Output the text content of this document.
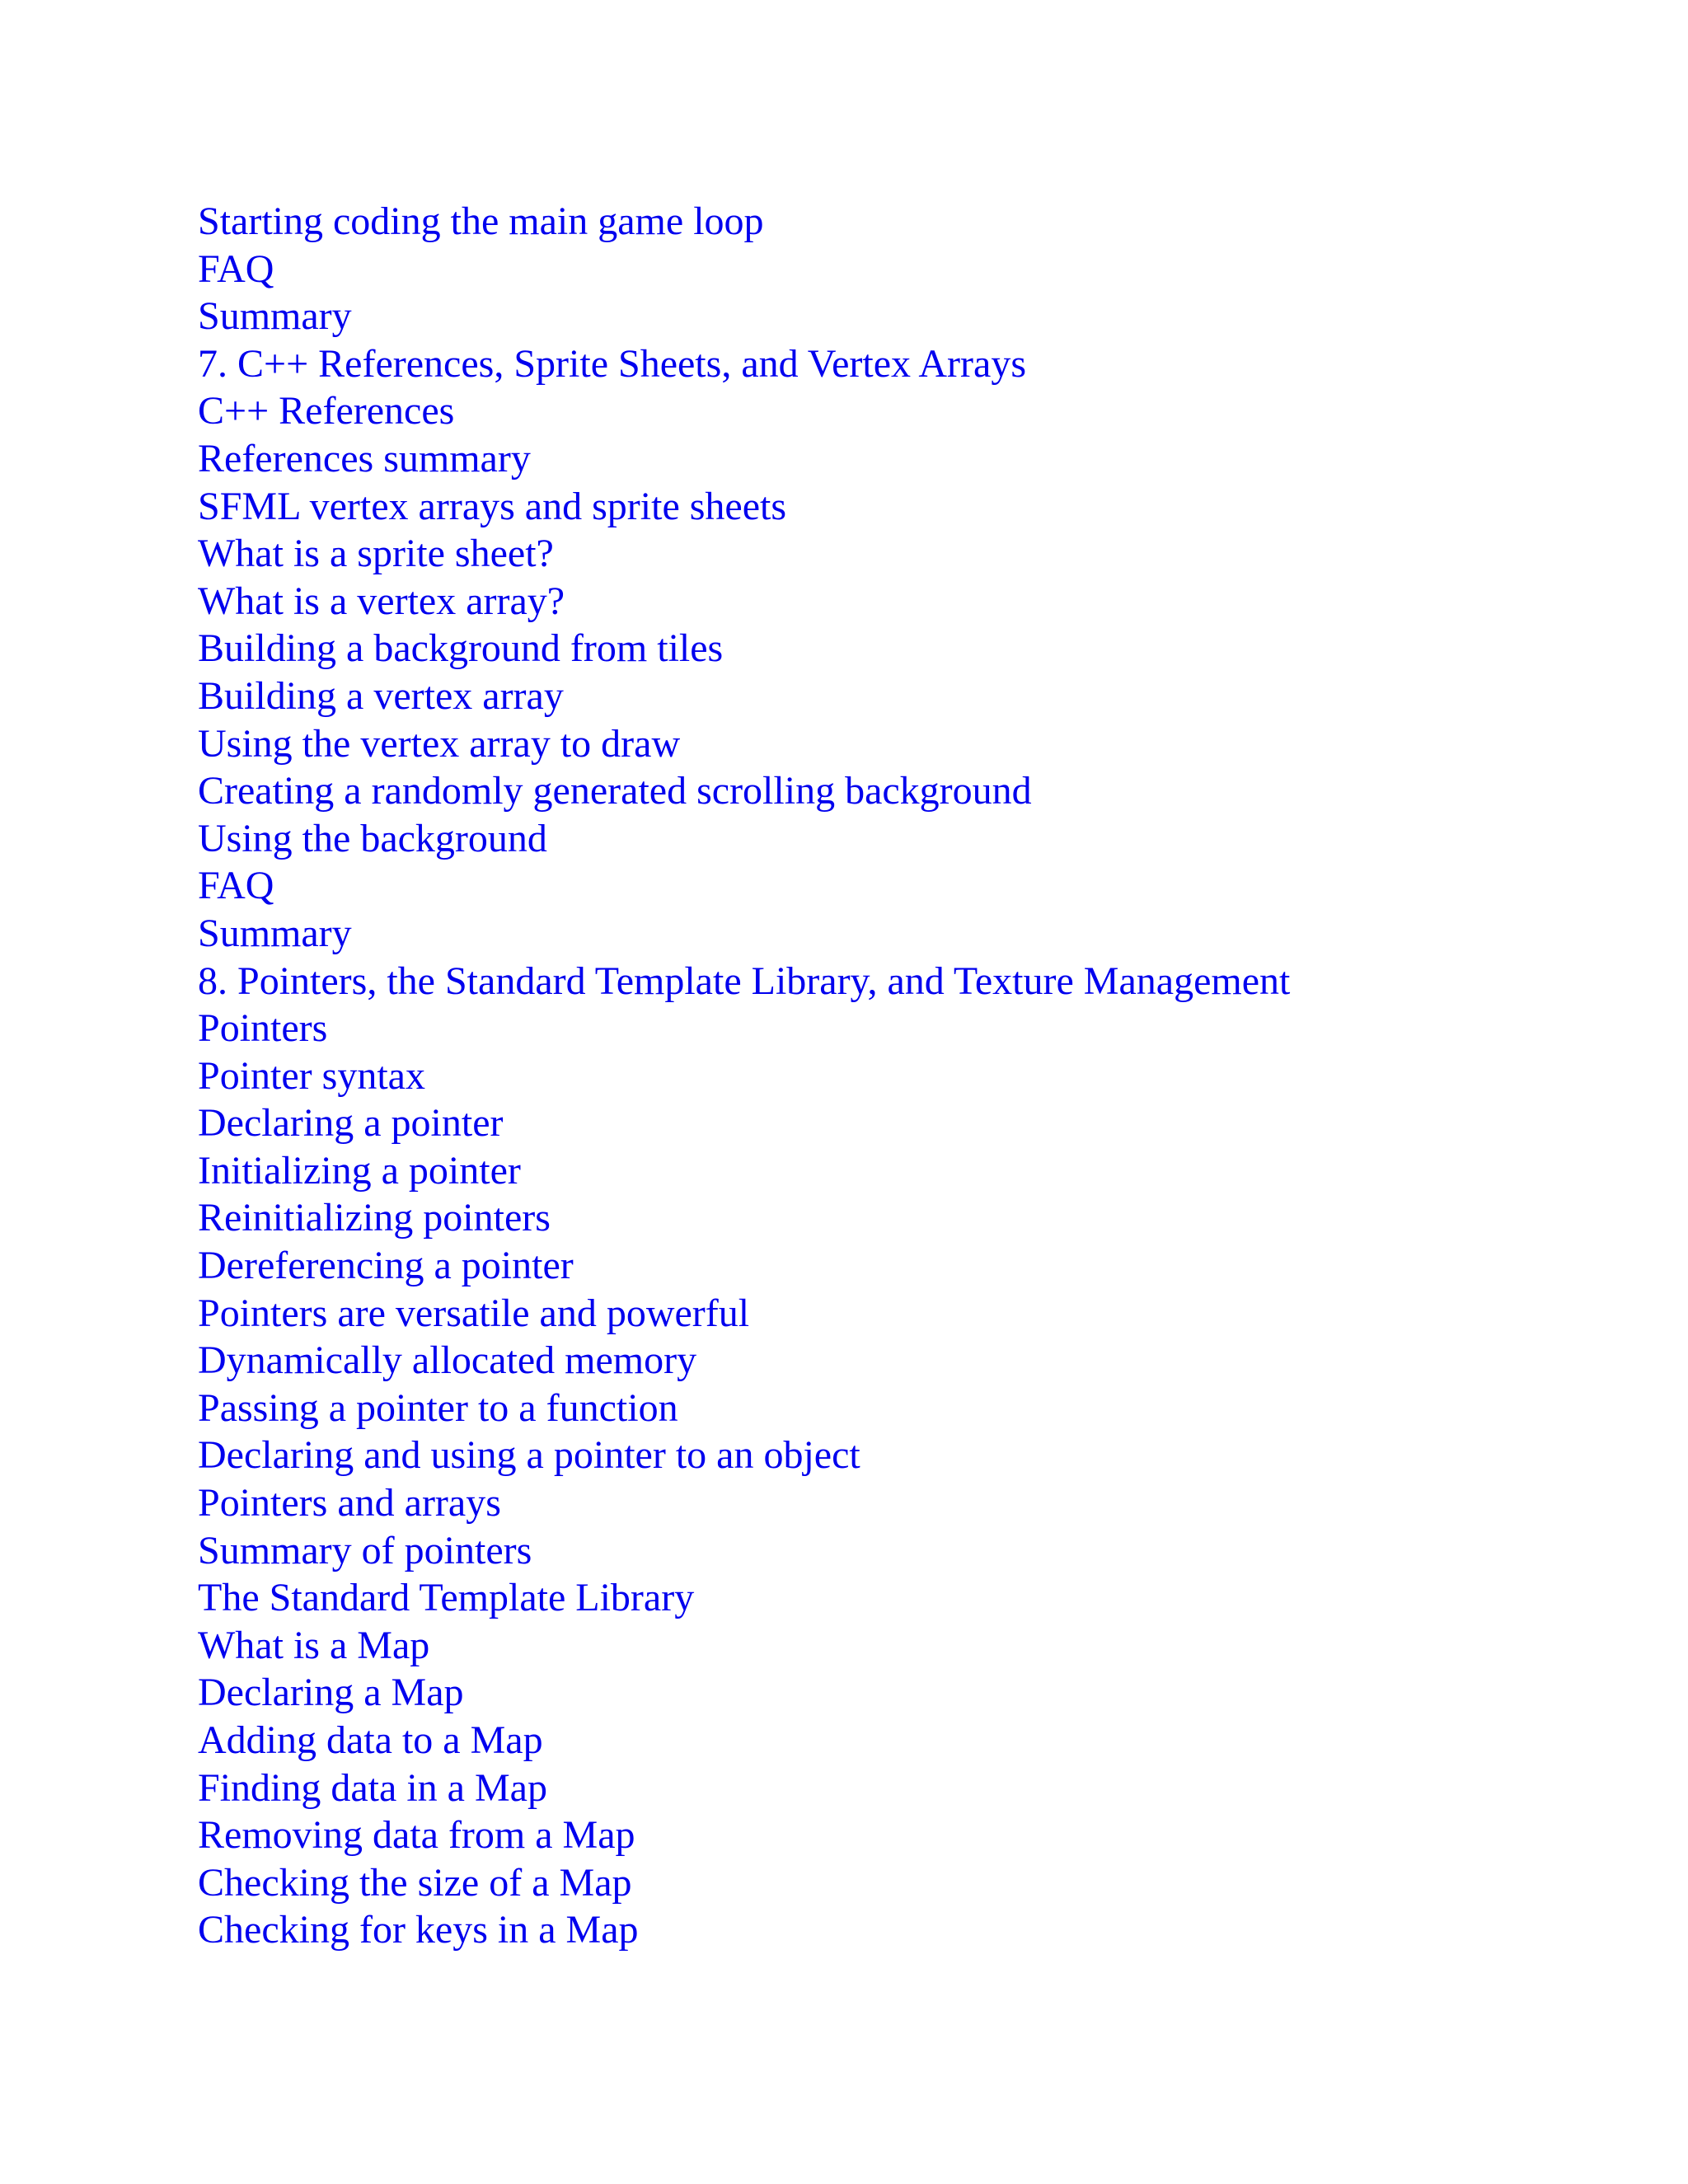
Starting coding the main game loop
FAQ
Summary
7. C++ References, Sprite Sheets, and Vertex Arrays
C++ References
References summary
SFML vertex arrays and sprite sheets
What is a sprite sheet?
What is a vertex array?
Building a background from tiles
Building a vertex array
Using the vertex array to draw
Creating a randomly generated scrolling background
Using the background
FAQ
Summary
8. Pointers, the Standard Template Library, and Texture Management
Pointers
Pointer syntax
Declaring a pointer
Initializing a pointer
Reinitializing pointers
Dereferencing a pointer
Pointers are versatile and powerful
Dynamically allocated memory
Passing a pointer to a function
Declaring and using a pointer to an object
Pointers and arrays
Summary of pointers
The Standard Template Library
What is a Map
Declaring a Map
Adding data to a Map
Finding data in a Map
Removing data from a Map
Checking the size of a Map
Checking for keys in a Map
